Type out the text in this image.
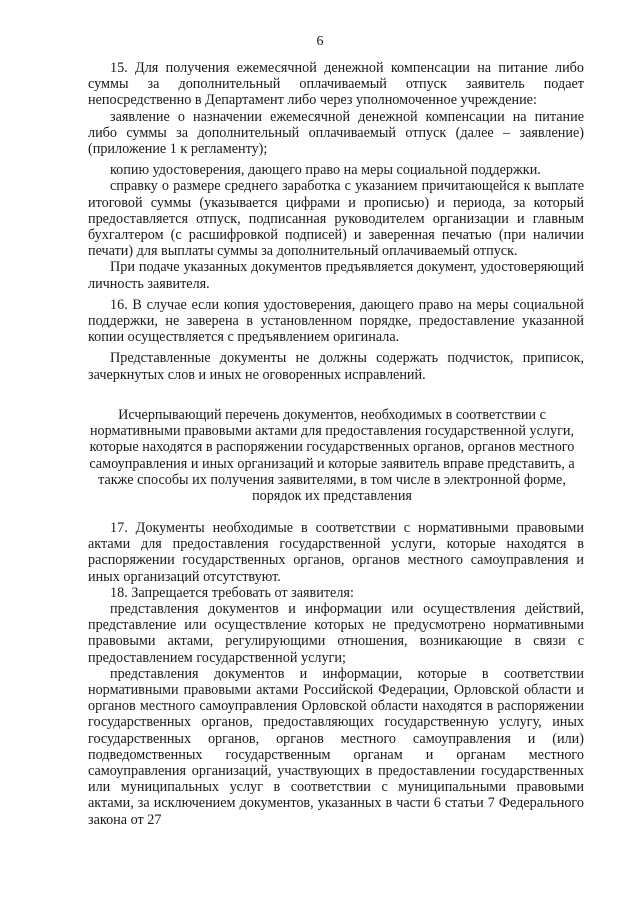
6

15. Для получения ежемесячной денежной компенсации на питание либо суммы за дополнительный оплачиваемый отпуск заявитель подает непосредственно в Департамент либо через уполномоченное учреждение:

заявление о назначении ежемесячной денежной компенсации на питание либо суммы за дополнительный оплачиваемый отпуск (далее – заявление) (приложение 1 к регламенту);

копию удостоверения, дающего право на меры социальной поддержки.

справку о размере среднего заработка с указанием причитающейся к выплате итоговой суммы (указывается цифрами и прописью) и периода, за который предоставляется отпуск, подписанная руководителем организации и главным бухгалтером (с расшифровкой подписей) и заверенная печатью (при наличии печати) для выплаты суммы за дополнительный оплачиваемый отпуск.

При подаче указанных документов предъявляется документ, удостоверяющий личность заявителя.

16. В случае если копия удостоверения, дающего право на меры социальной поддержки, не заверена в установленном порядке, предоставление указанной копии осуществляется с предъявлением оригинала.

Представленные документы не должны содержать подчисток, приписок, зачеркнутых слов и иных не оговоренных исправлений.

Исчерпывающий перечень документов, необходимых в соответствии с нормативными правовыми актами для предоставления государственной услуги, которые находятся в распоряжении государственных органов, органов местного самоуправления и иных организаций и которые заявитель вправе представить, а также способы их получения заявителями, в том числе в электронной форме, порядок их представления

17. Документы необходимые в соответствии с нормативными правовыми актами для предоставления государственной услуги, которые находятся в распоряжении государственных органов, органов местного самоуправления и иных организаций отсутствуют.

18. Запрещается требовать от заявителя:

представления документов и информации или осуществления действий, представление или осуществление которых не предусмотрено нормативными правовыми актами, регулирующими отношения, возникающие в связи с предоставлением государственной услуги;

представления документов и информации, которые в соответствии нормативными правовыми актами Российской Федерации, Орловской области и органов местного самоуправления Орловской области находятся в распоряжении государственных органов, предоставляющих государственную услугу, иных государственных органов, органов местного самоуправления и (или) подведомственных государственным органам и органам местного самоуправления организаций, участвующих в предоставлении государственных или муниципальных услуг в соответствии с муниципальными правовыми актами, за исключением документов, указанных в части 6 статьи 7 Федерального закона от 27
